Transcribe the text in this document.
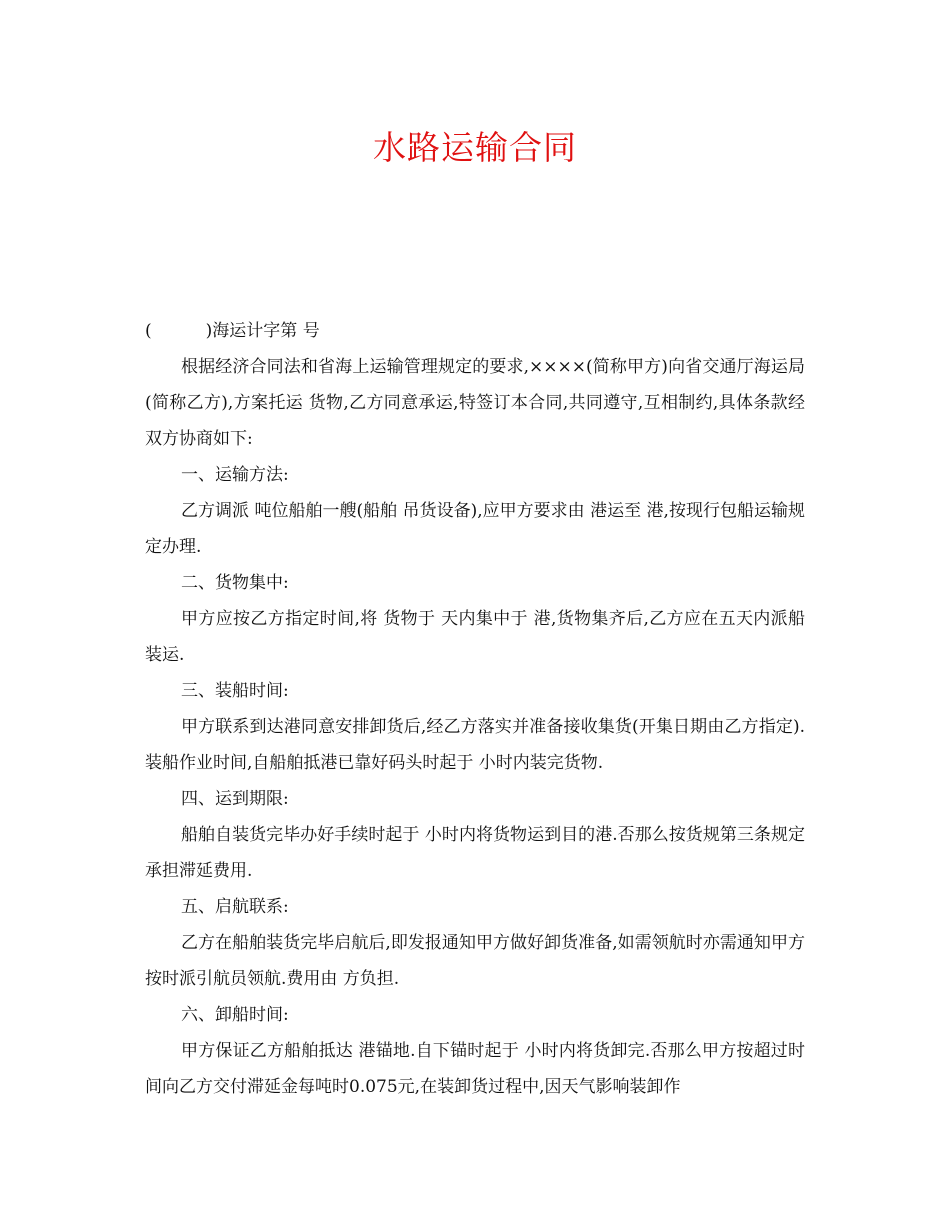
水路运输合同

(          )海运计字第 号

根据经济合同法和省海上运输管理规定的要求,××××(简称甲方)向省交通厅海运局(简称乙方),方案托运 货物,乙方同意承运,特签订本合同,共同遵守,互相制约,具体条款经双方协商如下:

一、运输方法:

乙方调派 吨位船舶一艘(船舶 吊货设备),应甲方要求由 港运至 港,按现行包船运输规定办理.

二、货物集中:

甲方应按乙方指定时间,将 货物于 天内集中于 港,货物集齐后,乙方应在五天内派船装运.

三、装船时间:

甲方联系到达港同意安排卸货后,经乙方落实并准备接收集货(开集日期由乙方指定).装船作业时间,自船舶抵港已靠好码头时起于 小时内装完货物.

四、运到期限:

船舶自装货完毕办好手续时起于 小时内将货物运到目的港.否那么按货规第三条规定承担滞延费用.

五、启航联系:

乙方在船舶装货完毕启航后,即发报通知甲方做好卸货准备,如需领航时亦需通知甲方按时派引航员领航.费用由 方负担.

六、卸船时间:

甲方保证乙方船舶抵达 港锚地.自下锚时起于 小时内将货卸完.否那么甲方按超过时间向乙方交付滞延金每吨时0.075元,在装卸货过程中,因天气影响装卸作
